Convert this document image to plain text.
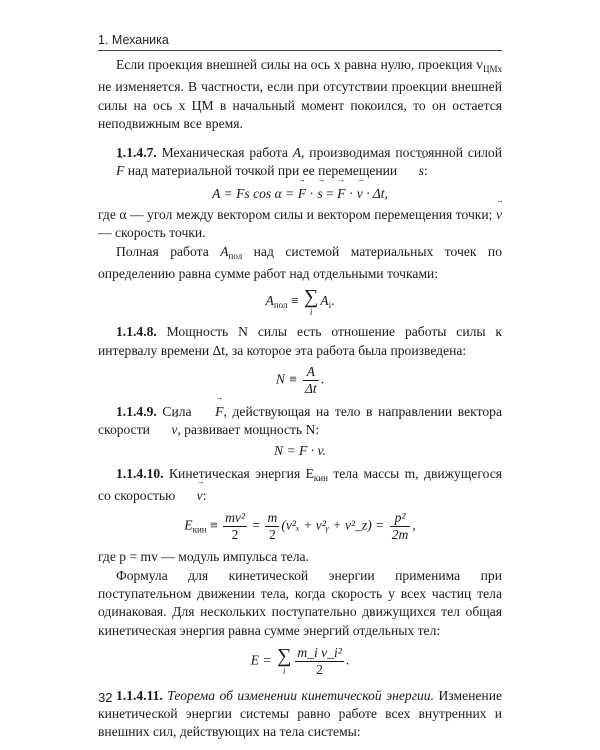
1. Механика

Если проекция внешней силы на ось x равна нулю, проекция $v_{ЦМx}$ не изменяется. В частности, если при отсутствии проекции внешней силы на ось x ЦМ в начальный момент покоился, то он остается неподвижным все время.

1.1.4.7. Механическая работа A, производимая постоянной силой → F над материальной точкой при ее перемещении → s:

A = Fs cos α = → F · → s = → F · → v · Δt,

где α — угол между вектором силы и вектором перемещения точки; → v — скорость точки.

Полная работа $A_{пол}$ над системой материальных точек по определению равна сумме работ над отдельными точками:

$A_{пол}$ ≡ ∑
i
$A_i$.

1.1.4.8. Мощность N силы есть отношение работы силы к интервалу времени Δt, за которое эта работа была произведена:

$N \equiv \frac{A}{\Delta t}$ .

1.1.4.9. Сила → F, действующая на тело в направлении вектора скорости → v, развивает мощность N:

N = F · v.

1.1.4.10. Кинетическая энергия $E_{кин}$ тела массы m, движущегося со скоростью → v:

$E_{кин} \equiv \frac{\text{mv²}}{2} = \frac{m}{2} (v^2_x$ + v²ᵧ + v²_z) = $\frac{\text{p²}}{2m}$ ,

где p = mv — модуль импульса тела.

Формула для кинетической энергии применима при поступательном движении тела, когда скорость у всех частиц тела одинаковая. Для нескольких поступательно движущихся тел общая кинетическая энергия равна сумме энергий отдельных тел:

E = ∑
i $\frac{\text{m\_i v\_i²}}{2}$ .

1.1.4.11. Теорема об изменении кинетической энергии. Изменение кинетической энергии системы равно работе всех внутренних и внешних сил, действующих на тела системы:

32
